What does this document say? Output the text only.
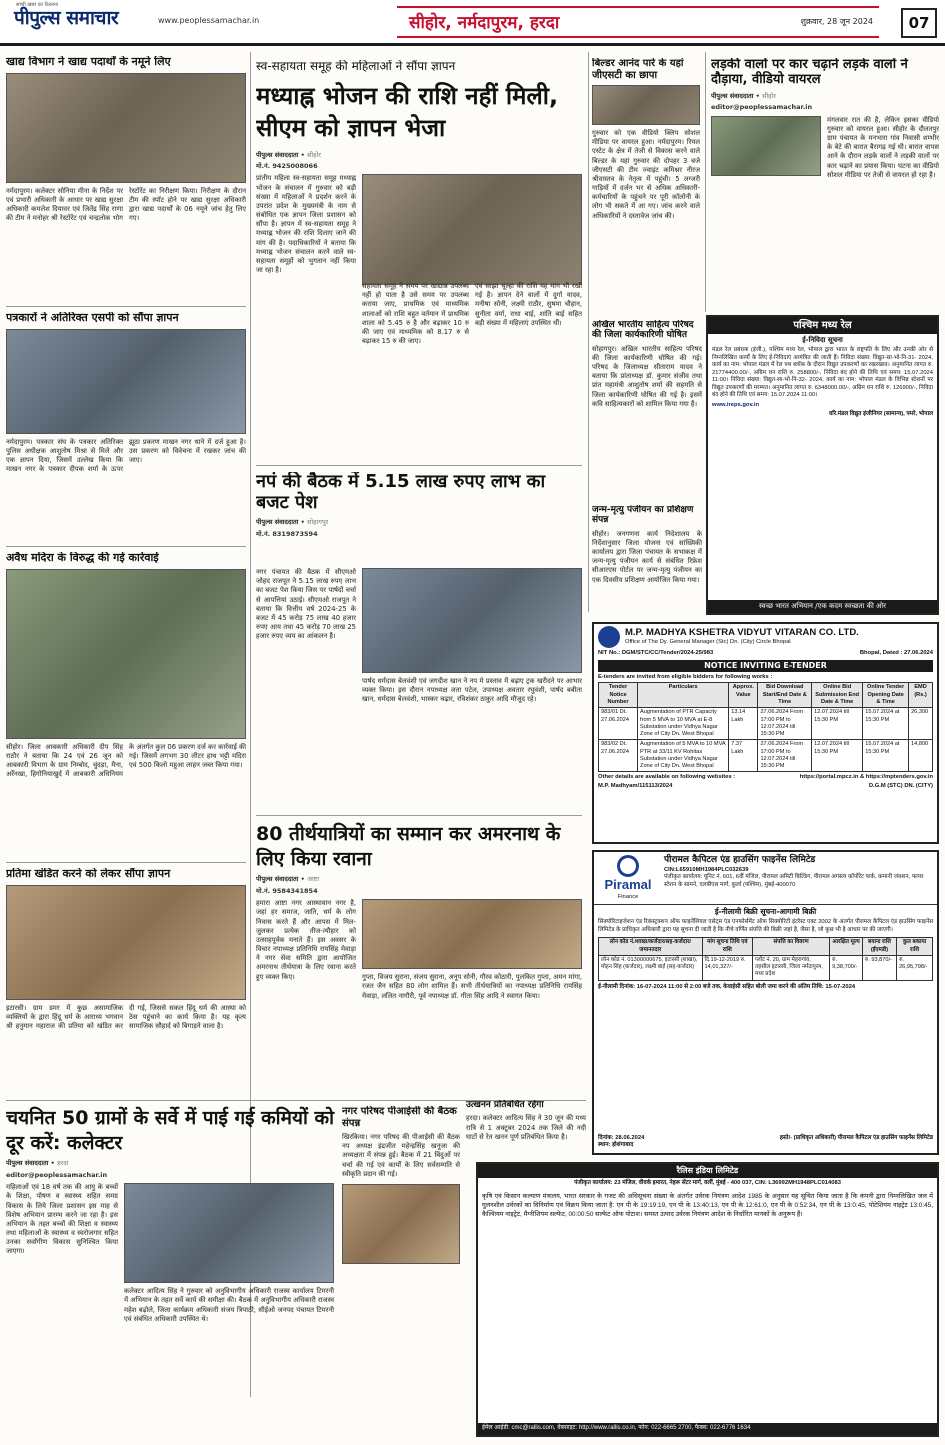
सच्ची खबर का ठिकाना
पीपुल्स समाचार	www.peoplessamachar.in	सीहोर, नर्मदापुरम, हरदा	शुक्रवार, 28 जून 2024	07
खाद्य विभाग ने खाद्य पदार्थों के नमूने लिए
नर्मदापुरम। कलेक्टर सोनिया मीना के निर्देश पर एवं प्रभारी अधिकारी के आधार पर खाद्य सुरक्षा अधिकारी कमलेश दियावर एवं जितेंद्र सिंह राणा की टीम ने मनोहर श्री रेस्टोरेंट एवं चन्द्रलोक भोग रेस्टोरेंट का निरीक्षण किया। निरीक्षण के दौरान टीम की स्पॉट होने पर खाद्य सुरक्षा अधिकारी द्वारा खाद्य पदार्थों के 06 नमूने जांच हेतु लिए गए।
पत्रकारों ने अतिरिक्त एसपी को सौंपा ज्ञापन
नर्मदापुरम। पत्रकार संघ के पत्रकार अतिरिक्त पुलिस अधीक्षक आशुतोष मिश्रा से मिले और एक ज्ञापन दिया, जिसमें उल्लेख किया कि माखन नगर के पत्रकार दीपक शर्मा के ऊपर झूठा प्रकरण माखन नगर थाने में दर्ज हुआ है। उस प्रकरण को विवेचना में रखकर जांच की जाए।
अवैध मदिरा के विरुद्ध की गई कार्रवाई
सीहोर। जिला आबकारी अधिकारी दीप सिंह राठौर ने बताया कि 24 एवं 26 जून को आबकारी विभाग के ग्राम निम्बोद, चुंदड़ा, मैना, अर्रेनखा, हिगोनियाखुर्द में आबकारी अधिनियम के अंतर्गत कुल 06 प्रकरण दर्ज कर कार्रवाई की गई। जिसमें लगभग 30 लीटर हाथ भट्टी मदिरा एवं 500 किलो महुआ लाहन जब्त किया गया।
प्रतिमा खंडित करने को लेकर सौंपा ज्ञापन
इटारसी। ग्राम डमर में कुछ असामाजिक व्यक्तियों के द्वारा हिंदू धर्म के आराध्य भगवान श्री हनुमान महाराज की प्रतिमा को खंडित कर दी गई, जिससे सकल हिंदू धर्म की आस्था को ठेस पहुंचाने का कार्य किया है। यह कृत्य सामाजिक सौहार्द को बिगाड़ने वाला है।
स्व-सहायता समूह की महिलाओं ने सौंपा ज्ञापन
मध्याह्न भोजन की राशि नहीं मिली, सीएम को ज्ञापन भेजा
पीपुल्स संवाददाता • सीहोर
मो.नं. 9425008066
प्रांतीय महिला स्व-सहायता समूह मध्याह्न भोजन के संचालन में गुरुवार को बड़ी संख्या में महिलाओं ने प्रदर्शन करने के उपरांत प्रदेश के मुख्यमंत्री के नाम से संबोधित एक ज्ञापन जिला प्रशासन को सौंपा है। ज्ञापन में स्व-सहायता समूह ने मध्याह्न भोजन की राशि दिलाए जाने की मांग की है। पदाधिकारियों ने बताया कि मध्याह्न भोजन संचालन करने वाले स्व-सहायता समूहों को भुगतान नहीं किया जा रहा है।
सहायता समूह ने समय पर खाद्यान्न उपलब्ध नहीं हो पाता है उसे समय पर उपलब्ध कराया जाए, प्राथमिक एवं माध्यमिक शालाओं को राशि बहुत वर्तमान में प्राथमिक शाला को 5.45 रु है और बढ़ाकर 10 रु की जाए एवं माध्यमिक को 8.17 रु से बढ़ाकर 15 रु की जाए।
एवं साझा चूल्हा की राशि यह मांग भी रखी गई है। ज्ञापन देने वालों में दुर्गा यादव, मनीषा सोनी, लक्ष्मी राठौर, सुषमा चौहान, सुनीता वर्मा, राधा बाई, शांति बाई सहित बड़ी संख्या में महिलाएं उपस्थित थीं।
नपं की बैठक में 5.15 लाख रुपए लाभ का बजट पेश
पीपुल्स संवाददाता • सोहागपुर
मो.नं. 8319873594
नगर पंचायत की बैठक में सीएमओ जोहद राजपूत ने 5.15 लाख रुपए लाभ का बजट पेश किया जिस पर पार्षदों चर्चा से आपत्तियां उठाई। सीएमओ राजपूत ने बताया कि वित्तीय वर्ष 2024-25 के बजट में 45 करोड़ 75 लाख 40 हजार रुपए आय तथा 45 करोड़ 70 लाख 25 हजार रुपए व्यय का आंकलन है।
पार्षद धर्मदास बेलवंशी एवं जगदीश खान ने नप मे प्रस्ताव में बढ़ाए ट्रक खरीदने पर आभार व्यक्त किया। इस दौरान नपाध्यक्ष लता पटेल, उपाध्यक्ष अवतार रघुवंशी, पार्षद बबीता खान, धर्मदास बेलवंशी, भास्कर चढ़ार, रविशंकर ठाकुर आदि मौजूद रहे।
80 तीर्थयात्रियों का सम्मान कर अमरनाथ के लिए किया रवाना
पीपुल्स संवाददाता • आष्टा
मो.नं. 9584341854
हमारा आष्टा नगर आस्थावान नगर है, जहां हर समाज, जाति, धर्म के लोग निवास करते हैं और आपस में मिल-जुलकर प्रत्येक तीज-त्यौहार को उत्साहपूर्वक मनाते हैं। इस अवसर के विचार नपाध्यक्ष प्रतिनिधि रायसिंह मेवाड़ा ने नगर सेवा समिति द्वारा आयोजित अमरनाथ तीर्थयात्रा के लिए रवाना करते हुए व्यक्त किए।	गुप्ता, विजय सुराना, संजय सुराना, अनूप सोनी, गौरव कोठारी, पुलकित गुप्ता, अमन मांगा, रजत जैन सहित 80 लोग शामिल हैं। सभी तीर्थयात्रियों का नपाध्यक्ष प्रतिनिधि रायसिंह मेवाड़ा, ललित नागौरी, पूर्व नपाध्यक्ष डॉ. गीता सिंह आदि ने स्वागत किया।
बिल्डर आनंद पारे के यहां जीएसटी का छापा
गुरुवार को एक वीडियो क्लिप सोशल मीडिया पर वायरल हुआ। नर्मदापुरम। रियल एस्टेट के क्षेत्र में तेजी से विकास करने वाले बिल्डर के यहां गुरुवार की दोपहर 3 बजे जीएसटी की टीम ज्वाइंट कमिश्नर नीरज श्रीवास्तव के नेतृत्व में पहुंची। 5 लग्जरी गाड़ियों में दर्जन भर से अधिक अधिकारी-कर्मचारियों के पहुंचने पर पूरी कॉलोनी के लोग भी सकते में आ गए। जांच करने वाले अधिकारियों ने दस्तावेज जांच की।
लड़की वालों पर कार चढ़ाने लड़के वालों ने दौड़ाया, वीडियो वायरल
पीपुल्स संवाददाता • सीहोर
editor@peoplessamachar.in
मंगलवार रात की है, लेकिन इसका वीडियो गुरुवार को वायरल हुआ। सीहोर के दौलतपुर ग्राम पंचायत के मनभारा गांव निवासी शम्भीर के बेटे की बारात बैरागढ़ गई थी। बारात वापस आने के दौरान लड़के वालों ने लड़की वालों पर कार चढ़ाने का प्रयास किया। घटना का वीडियो सोशल मीडिया पर तेजी से वायरल हो रहा है।
अखिल भारतीय साहित्य परिषद की जिला कार्यकारिणी घोषित
सोहागपुर। अखिल भारतीय साहित्य परिषद की जिला कार्यकारिणी घोषित की गई। परिषद के जिलाध्यक्ष सीताराम यादव ने बताया कि प्रांताध्यक्ष डॉ. कुमार संजीव तथा प्रांत महामंत्री आशुतोष शर्मा की सहमति से जिला कार्यकारिणी घोषित की गई है। इसमें कवि साहित्यकारों को शामिल किया गया है।
जन्म-मृत्यु पंजीयन का प्रशिक्षण संपन्न
सीहोर। जनगणना कार्य निदेशालय के निर्देशानुसार जिला योजना एवं सांख्यिकी कार्यालय द्वारा जिला पंचायत के सभाकक्ष में जन्म-मृत्यु पंजीयन कार्य से संबंधित रिफ्रेश सीआरएस पोर्टल पर जन्म-मृत्यु पंजीयन का एक दिवसीय प्रशिक्षण आयोजित किया गया।
पश्चिम मध्य रेल
ई-निविदा सूचना
मंडल रेल प्रबंधक (इंजी.), पश्चिम मध्य रेल, भोपाल द्वारा भारत के राष्ट्रपति के लिए और उनकी ओर से निम्नलिखित कार्यों के लिए ई-निविदाएं आमंत्रित की जाती हैं। निविदा संख्या: विद्युत-सा-भो-नि-31- 2024, कार्य का नाम: भोपाल मंडल में रेल पथ ब्लॉक के दौरान विद्युत उपकरणों का रखरखाव। अनुमानित लागत रु. 21774400.00/-, अग्रिम धन राशि रु. 258800/-, निविदा बंद होने की तिथि एवं समय: 15.07.2024 11:00। निविदा संख्या: विद्युत-सा-भो-नि-32- 2024, कार्य का नाम: भोपाल मंडल के विभिन्न स्टेशनों पर विद्युत उपकरणों की मरम्मत। अनुमानित लागत रु. 6348000.00/-, अग्रिम धन राशि रु. 126900/-, निविदा बंद होने की तिथि एवं समय: 15.07.2024 11:00।
www.ireps.gov.in
वरि.मंडल विद्युत इंजीनियर (सामान्य), पमरे, भोपाल
स्वच्छ भारत अभियान /एक कदम स्वच्छता की ओर
M.P. MADHYA KSHETRA VIDYUT VITARAN CO. LTD.
Office of The Dy. General Manager (Stc) Dn. (City) Circle Bhopal
NIT No.: DGM/STC/CC/Tender/2024-25/983	Bhopal, Dated : 27.06.2024
NOTICE INVITING E-TENDER
E-tenders are invited from eligible bidders for following works :
Tender Notice Number	Particulars	Approx. Value	Bid Download Start/End Date & Time	Online Bid Submission End Date & Time	Online Tender Opening Date & Time	EMD (Rs.)
983/01 Dt. 27.06.2024	Augmentation of PTR Capacity from 5 MVA to 10 MVA at E-8 Substation under Vidhya Nagar Zone of City Dn. West Bhopal	13.14 Lakh	27.06.2024 From 17:00 PM to 12.07.2024 till 15:30 PM	12.07.2024 till 15:30 PM	15.07.2024 at 15:30 PM	26,300
983/02 Dt. 27.06.2024	Augmentation of 5 MVA to 10 MVA PTR at 33/11 KV Rohitas Substation under Vidhya Nagar Zone of City Dn. West Bhopal	7.37 Lakh	27.06.2024 From 17:00 PM to 12.07.2024 till 15:30 PM	12.07.2024 till 15:30 PM	15.07.2024 at 15:30 PM	14,800
Other details are available on following websites :	https://portal.mpcz.in & https://mptenders.gov.in
M.P. Madhyam/115113/2024	D.G.M (STC) DN. (CITY)
Piramal
Finance
पीरामल कैपिटल एंड हाउसिंग फाइनेंस लिमिटेड
CIN:L65910MH1984PLC032639
पंजीकृत कार्यालय: यूनिट नं. 601, 6वीं मंजिल, पीरामल अमिटी बिल्डिंग, पीरामल अगस्त्य कॉर्पोरेट पार्क, कमानी जंक्शन, फायर स्टेशन के सामने, एलबीएस मार्ग, कुर्ला (पश्चिम), मुंबई-400070
ई-नीलामी बिक्री सूचना-आगामी बिक्री
सिक्योरिटाइजेशन एंड रिकंस्ट्रक्शन ऑफ फाइनेंशियल एसेट्स एंड एनफोर्समेंट ऑफ सिक्योरिटी इंटरेस्ट एक्ट 2002 के अंतर्गत पीरामल कैपिटल एंड हाउसिंग फाइनेंस लिमिटेड के प्राधिकृत अधिकारी द्वारा यह सूचना दी जाती है कि नीचे वर्णित संपत्ति की बिक्री जहां है, जैसा है, जो कुछ भी है आधार पर की जाएगी।
लोन कोड नं./शाखा/कर्जदार/सह-कर्जदार/जमानतदार	मांग सूचना तिथि एवं राशि	संपत्ति का विवरण	आरक्षित मूल्य	बयाना राशि (ईएमडी)	कुल बकाया राशि
लोन कोड नं. 01300000675, इटारसी (शाखा), मोहन सिंह (कर्जदार), लक्ष्मी बाई (सह-कर्जदार)	दि.19-12-2019 रु. 14,01,327/-	प्लॉट नं. 20, ग्राम मेहरागांव, तहसील इटारसी, जिला नर्मदापुरम, मध्य प्रदेश	रु. 9,38,700/-	रु. 93,870/-	रु. 26,95,798/-
ई-नीलामी दिनांक: 16-07-2024 11:00 से 2:00 बजे तक, केवाईसी सहित बोली जमा करने की अंतिम तिथि: 15-07-2024
दिनांक: 28.06.2024
स्थान: होशंगाबाद
हस्ते/- (प्राधिकृत अधिकारी) पीरामल कैपिटल एंड हाउसिंग फाइनेंस लिमिटेड
चयनित 50 ग्रामों के सर्वे में पाई गई कमियों को दूर करें: कलेक्टर
पीपुल्स संवाददाता • हरदा
editor@peoplessamachar.in
महिलाओं एवं 18 वर्ष तक की आयु के बच्चों के शिक्षा, पोषण व स्वास्थ्य सहित समग्र विकास के लिये जिला प्रशासन इस माह से विशेष अभियान प्रारम्भ करने जा रहा है। इस अभियान के तहत बच्चों की शिक्षा व स्वास्थ्य तथा महिलाओं के स्वास्थ्य व स्वरोजगार सहित उनका सर्वांगीण विकास सुनिश्चित किया जाएगा।
कलेक्टर आदित्य सिंह ने गुरुवार को अनुविभागीय अधिकारी राजस्व कार्यालय टिमरनी में अभियान के तहत सर्वे कार्य की समीक्षा की। बैठक में अनुविभागीय अधिकारी राजस्व महेश बढ़ोले, जिला कार्यक्रम अधिकारी संजय त्रिपाठी, सीईओ जनपद पंचायत टिमरनी एवं संबंधित अधिकारी उपस्थित थे।
नगर परिषद पीआईसी की बैठक संपन्न
खिरकिया। नगर परिषद की पीआईसी की बैठक नप अध्यक्ष इंद्रजीत महेन्द्रसिंह खनूजा की अध्यक्षता में संपन्न हुई। बैठक में 21 बिंदुओं पर चर्चा की गई एवं कार्यों के लिए सर्वसम्मति से स्वीकृति प्रदान की गई।
उत्खनन प्रतिबंधित रहेगा
हरदा। कलेक्टर आदित्य सिंह ने 30 जून की मध्य रात्रि से 1 अक्टूबर 2024 तक जिले की नदी घाटों से रेत खनन पूर्ण प्रतिबंधित किया है।
रैलिस इंडिया लिमिटेड
पंजीकृत कार्यालय: 23 मंजिल, वीवर्क इमारत, नेहरू सेंटर मार्ग, वर्ली, मुंबई - 400 037, CIN: L36992MH1948PLC014083
कृषि एवं किसान कल्याण मंत्रालय, भारत सरकार के गजट की अधिसूचना संख्या के अंतर्गत उर्वरक नियंत्रण आदेश 1985 के अनुसार यह सूचित किया जाता है कि कंपनी द्वारा निम्नलिखित जल में घुलनशील उर्वरकों का विनिर्माण एवं विक्रय किया जाता है: एन पी के 19:19:19, एन पी के 13:40:13, एन पी के 12:61:0, एन पी के 0:52:34, एन पी के 13:0:45, पोटेशियम नाइट्रेट 13:0:45, कैल्शियम नाइट्रेट, मैग्नीशियम सल्फेट, 00:00:50 सल्फेट ऑफ पोटाश। समस्त उत्पाद उर्वरक नियंत्रण आदेश के निर्धारित मानकों के अनुरूप हैं।
ईमेल आईडी: cmc@rallis.com, वेबसाइट: http://www.rallis.co.in, फोन: 022-6665 2700, फैक्स: 022-6776 1634
